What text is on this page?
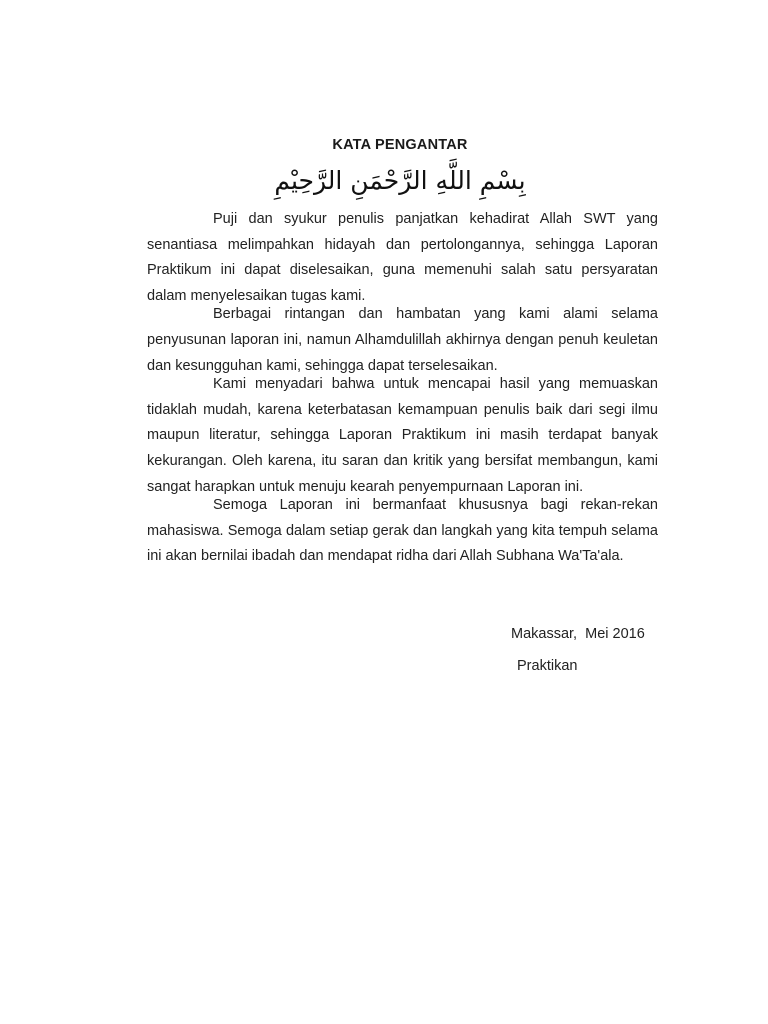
KATA PENGANTAR
بِسْمِ اللَّهِ الرَّحْمَنِ الرَّحِيْمِ

Puji dan syukur penulis panjatkan kehadirat Allah SWT yang senantiasa melimpahkan hidayah dan pertolongannya, sehingga Laporan Praktikum ini dapat diselesaikan, guna memenuhi salah satu persyaratan dalam menyelesaikan tugas kami.

Berbagai rintangan dan hambatan yang kami alami selama penyusunan laporan ini, namun Alhamdulillah akhirnya dengan penuh keuletan dan kesungguhan kami, sehingga dapat terselesaikan.

Kami menyadari bahwa untuk mencapai hasil yang memuaskan tidaklah mudah, karena keterbatasan kemampuan penulis baik dari segi ilmu maupun literatur, sehingga Laporan Praktikum ini masih terdapat banyak kekurangan. Oleh karena, itu saran dan kritik yang bersifat membangun, kami sangat harapkan untuk menuju kearah penyempurnaan Laporan ini.

Semoga Laporan ini bermanfaat khususnya bagi rekan-rekan mahasiswa. Semoga dalam setiap gerak dan langkah yang kita tempuh selama ini akan bernilai ibadah dan mendapat ridha dari Allah Subhana Wa'Ta'ala.

Makassar,  Mei 2016
Praktikan
